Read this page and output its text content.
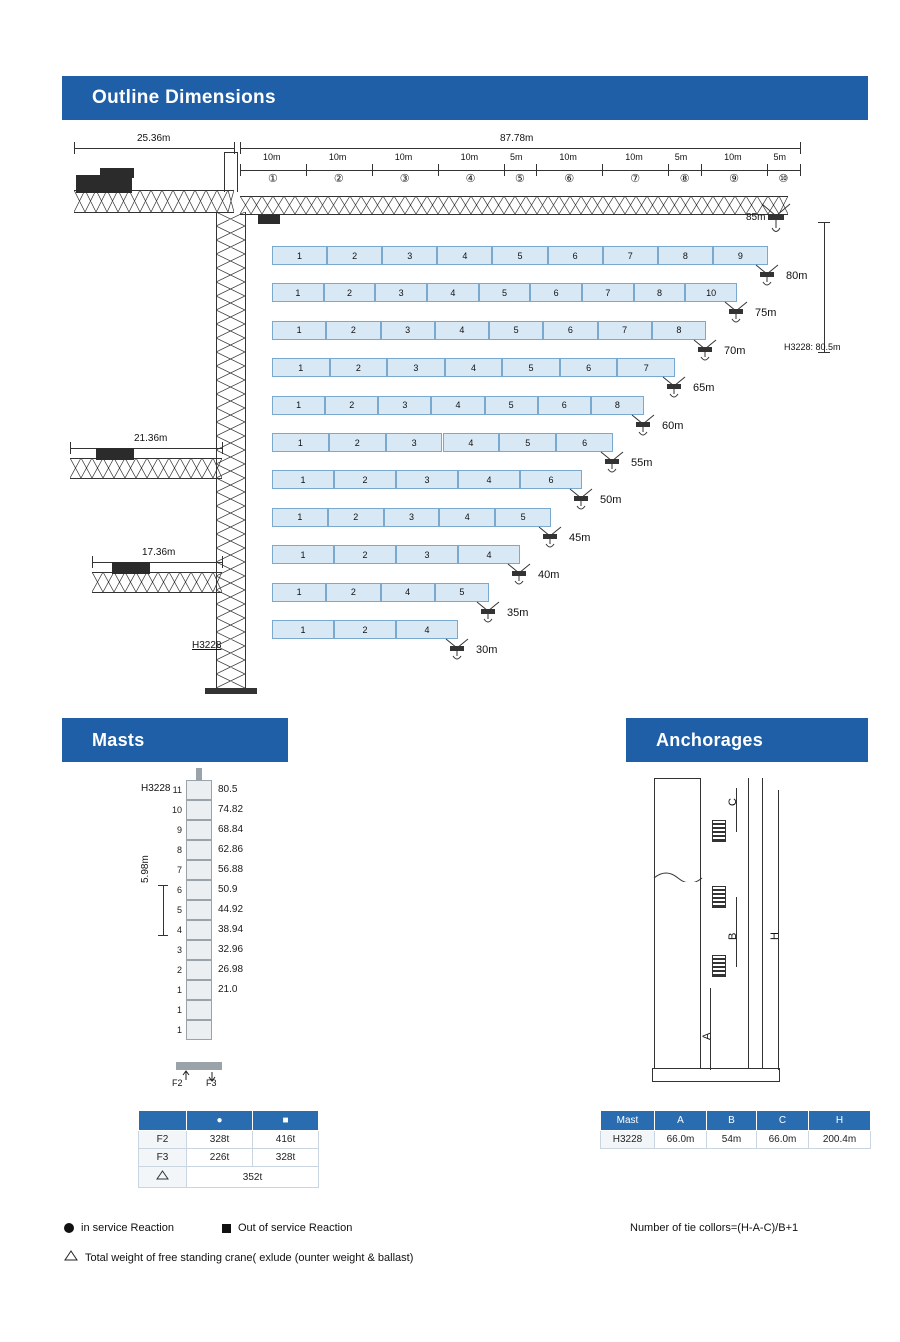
Outline Dimensions
25.36m	87.78m
10m
①
10m
②
10m
③
10m
④
5m
⑤
10m
⑥
10m
⑦
5m
⑧
10m
⑨
5m
⑩
H3228
85m
H3228: 80.5m
21.36m
17.36m
1	2	3	4	5	6	7	8	9
80m
1	2	3	4	5	6	7	8	10
75m
1	2	3	4	5	6	7	8
70m
1	2	3	4	5	6	7
65m
1	2	3	4	5	6	8
60m
1	2	3	4	5	6
55m
1	2	3	4	6
50m
1	2	3	4	5
45m
1	2	3	4
40m
1	2	4	5
35m
1	2	4
30m
Masts
11	80.5
10	74.82
9	68.84
8	62.86
7	56.88
6	50.9
5	44.92
4	38.94
3	32.96
2	26.98
1	21.0
1
1
H3228
5.98m
F2	F3
	●	■
F2	328t	416t
F3	226t	328t
	352t	
Anchorages
C
B
A
H
Mast	A	B	C	H
H3228	66.0m	54m	66.0m	200.4m
in service Reaction	Out of service Reaction
Total weight of free standing crane( exlude (ounter weight & ballast)
Number of tie collors=(H-A-C)/B+1
